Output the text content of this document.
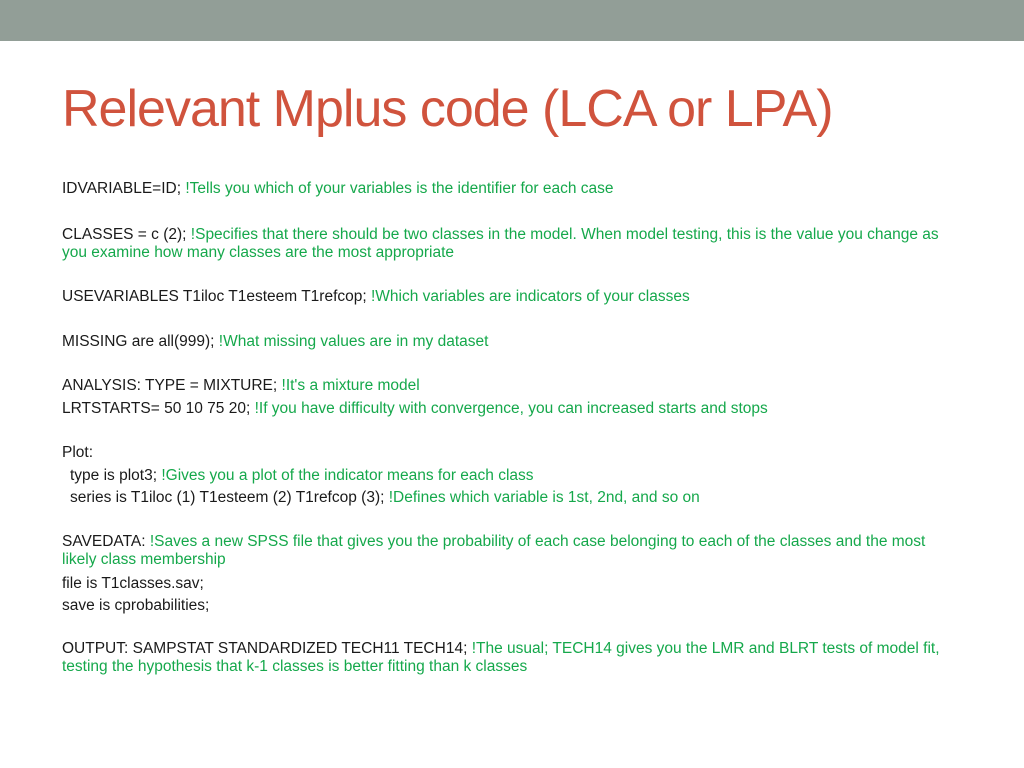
Relevant Mplus code (LCA or LPA)

IDVARIABLE=ID; !Tells you which of your variables is the identifier for each case

CLASSES = c (2); !Specifies that there should be two classes in the model. When model testing, this is the value you change as you examine how many classes are the most appropriate

USEVARIABLES T1iloc T1esteem T1refcop; !Which variables are indicators of your classes

MISSING are all(999); !What missing values are in my dataset

ANALYSIS: TYPE = MIXTURE; !It's a mixture model

LRTSTARTS= 50 10 75 20; !If you have difficulty with convergence, you can increased starts and stops

Plot:

type is plot3; !Gives you a plot of the indicator means for each class

series is T1iloc (1) T1esteem (2) T1refcop (3); !Defines which variable is 1st, 2nd, and so on

SAVEDATA: !Saves a new SPSS file that gives you the probability of each case belonging to each of the classes and the most likely class membership

file is T1classes.sav;

save is cprobabilities;

OUTPUT: SAMPSTAT STANDARDIZED TECH11 TECH14; !The usual; TECH14 gives you the LMR and BLRT tests of model fit, testing the hypothesis that k-1 classes is better fitting than k classes
